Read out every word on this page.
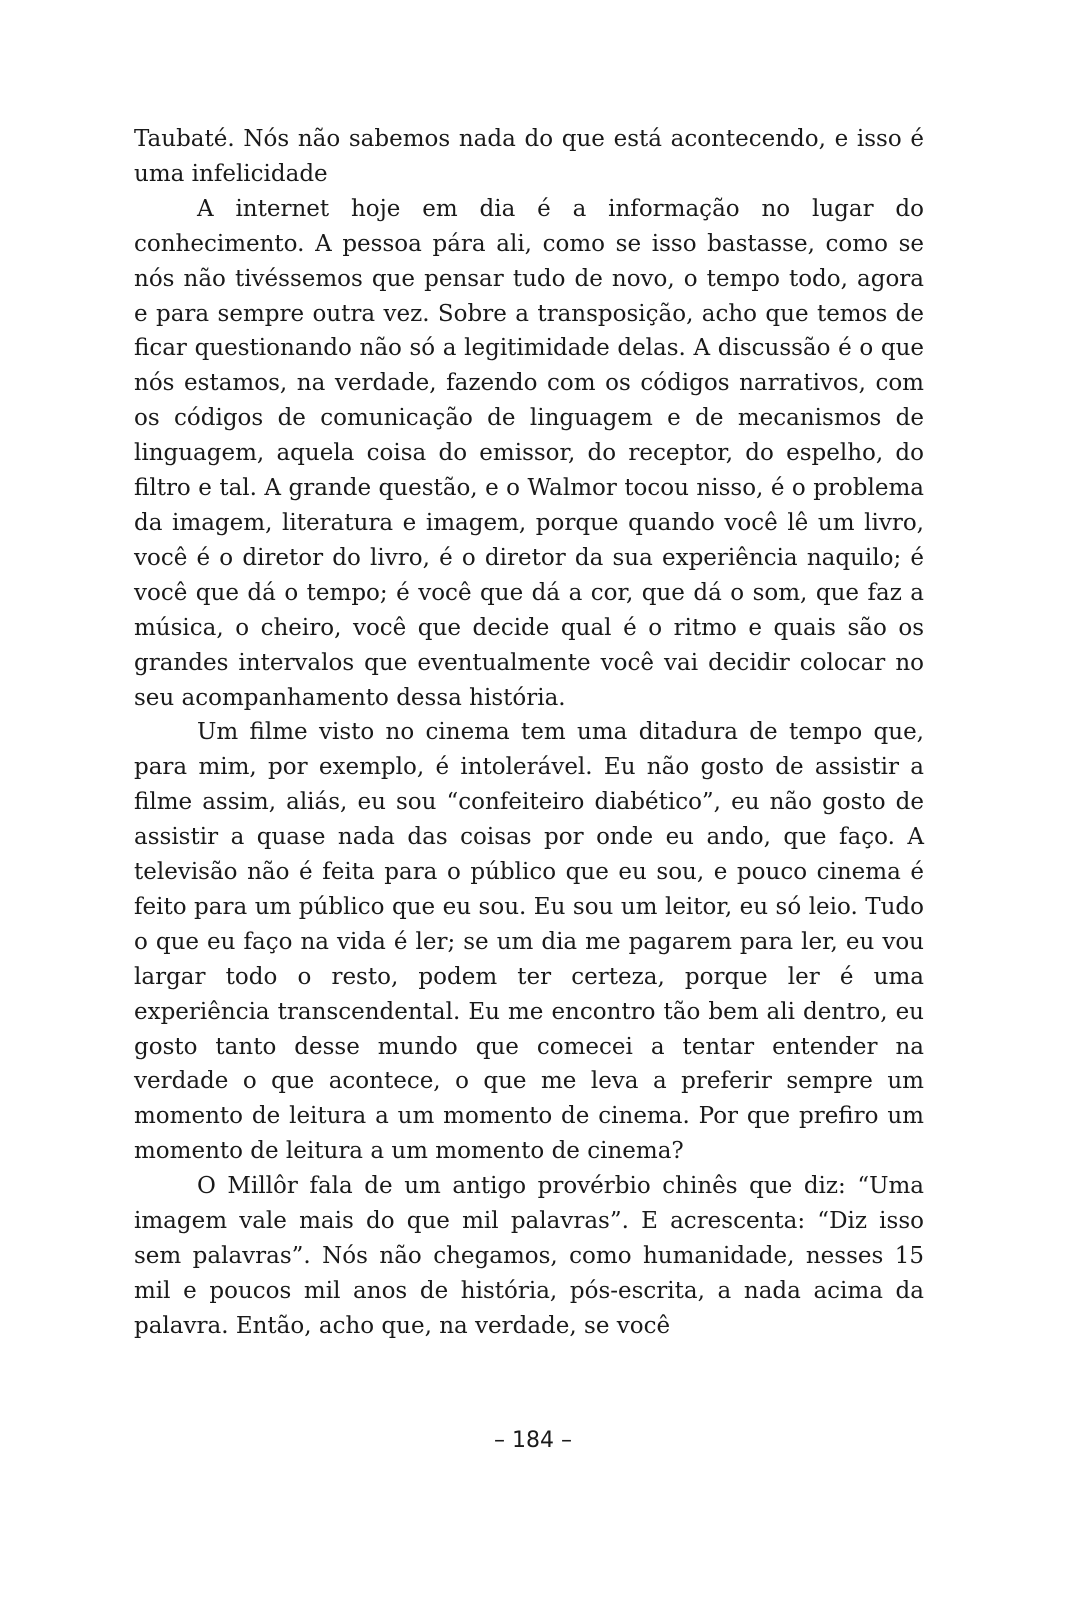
Taubaté. Nós não sabemos nada do que está acontecendo, e isso é uma infelicidade

A internet hoje em dia é a informação no lugar do conhecimento. A pessoa pára ali, como se isso bastasse, como se nós não tivéssemos que pensar tudo de novo, o tempo todo, agora e para sempre outra vez. Sobre a transposição, acho que temos de ficar questionando não só a legitimidade delas. A discussão é o que nós estamos, na verdade, fazendo com os códigos narrativos, com os códigos de comunicação de linguagem e de mecanismos de linguagem, aquela coisa do emissor, do receptor, do espelho, do filtro e tal. A grande questão, e o Walmor tocou nisso, é o problema da imagem, literatura e imagem, porque quando você lê um livro, você é o diretor do livro, é o diretor da sua experiência naquilo; é você que dá o tempo; é você que dá a cor, que dá o som, que faz a música, o cheiro, você que decide qual é o ritmo e quais são os grandes intervalos que eventualmente você vai decidir colocar no seu acompanhamento dessa história.

Um filme visto no cinema tem uma ditadura de tempo que, para mim, por exemplo, é intolerável. Eu não gosto de assistir a filme assim, aliás, eu sou “confeiteiro diabético”, eu não gosto de assistir a quase nada das coisas por onde eu ando, que faço. A televisão não é feita para o público que eu sou, e pouco cinema é feito para um público que eu sou. Eu sou um leitor, eu só leio. Tudo o que eu faço na vida é ler; se um dia me pagarem para ler, eu vou largar todo o resto, podem ter certeza, porque ler é uma experiência transcendental. Eu me encontro tão bem ali dentro, eu gosto tanto desse mundo que comecei a tentar entender na verdade o que acontece, o que me leva a preferir sempre um momento de leitura a um momento de cinema. Por que prefiro um momento de leitura a um momento de cinema?

O Millôr fala de um antigo provérbio chinês que diz: “Uma imagem vale mais do que mil palavras”. E acrescenta: “Diz isso sem palavras”. Nós não chegamos, como humanidade, nesses 15 mil e poucos mil anos de história, pós-escrita, a nada acima da palavra. Então, acho que, na verdade, se você

– 184 –
